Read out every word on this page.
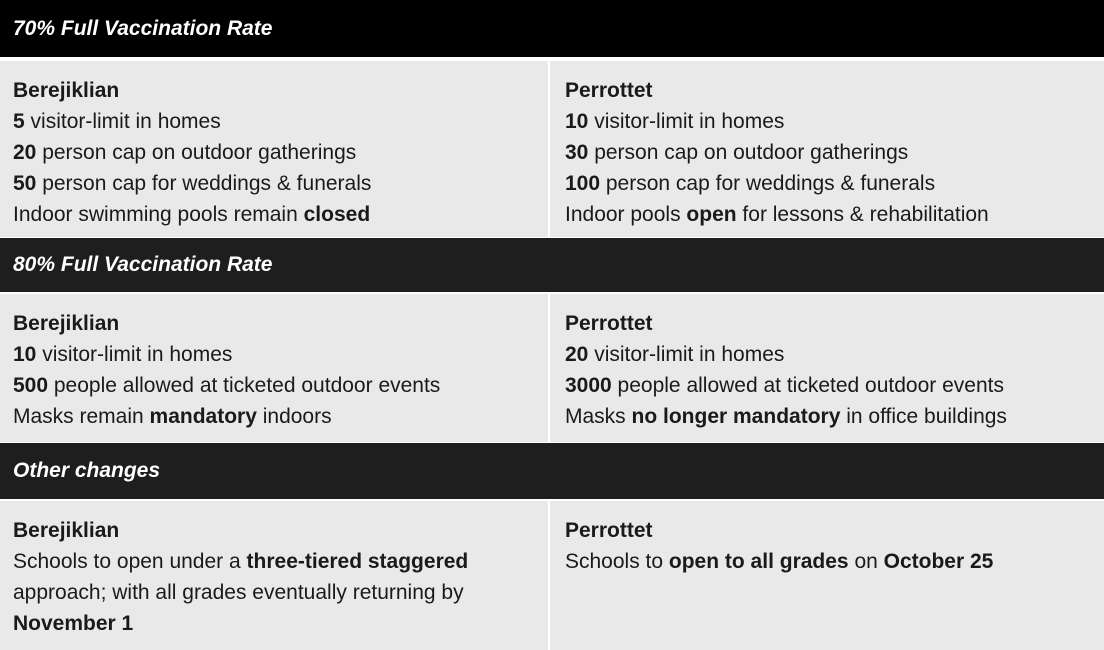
70% Full Vaccination Rate
Berejiklian
5 visitor-limit in homes
20 person cap on outdoor gatherings
50 person cap for weddings & funerals
Indoor swimming pools remain closed
Perrottet
10 visitor-limit in homes
30 person cap on outdoor gatherings
100 person cap for weddings & funerals
Indoor pools open for lessons & rehabilitation
80% Full Vaccination Rate
Berejiklian
10 visitor-limit in homes
500 people allowed at ticketed outdoor events
Masks remain mandatory indoors
Perrottet
20 visitor-limit in homes
3000 people allowed at ticketed outdoor events
Masks no longer mandatory in office buildings
Other changes
Berejiklian
Schools to open under a three-tiered staggered approach; with all grades eventually returning by November 1
Perrottet
Schools to open to all grades on October 25
